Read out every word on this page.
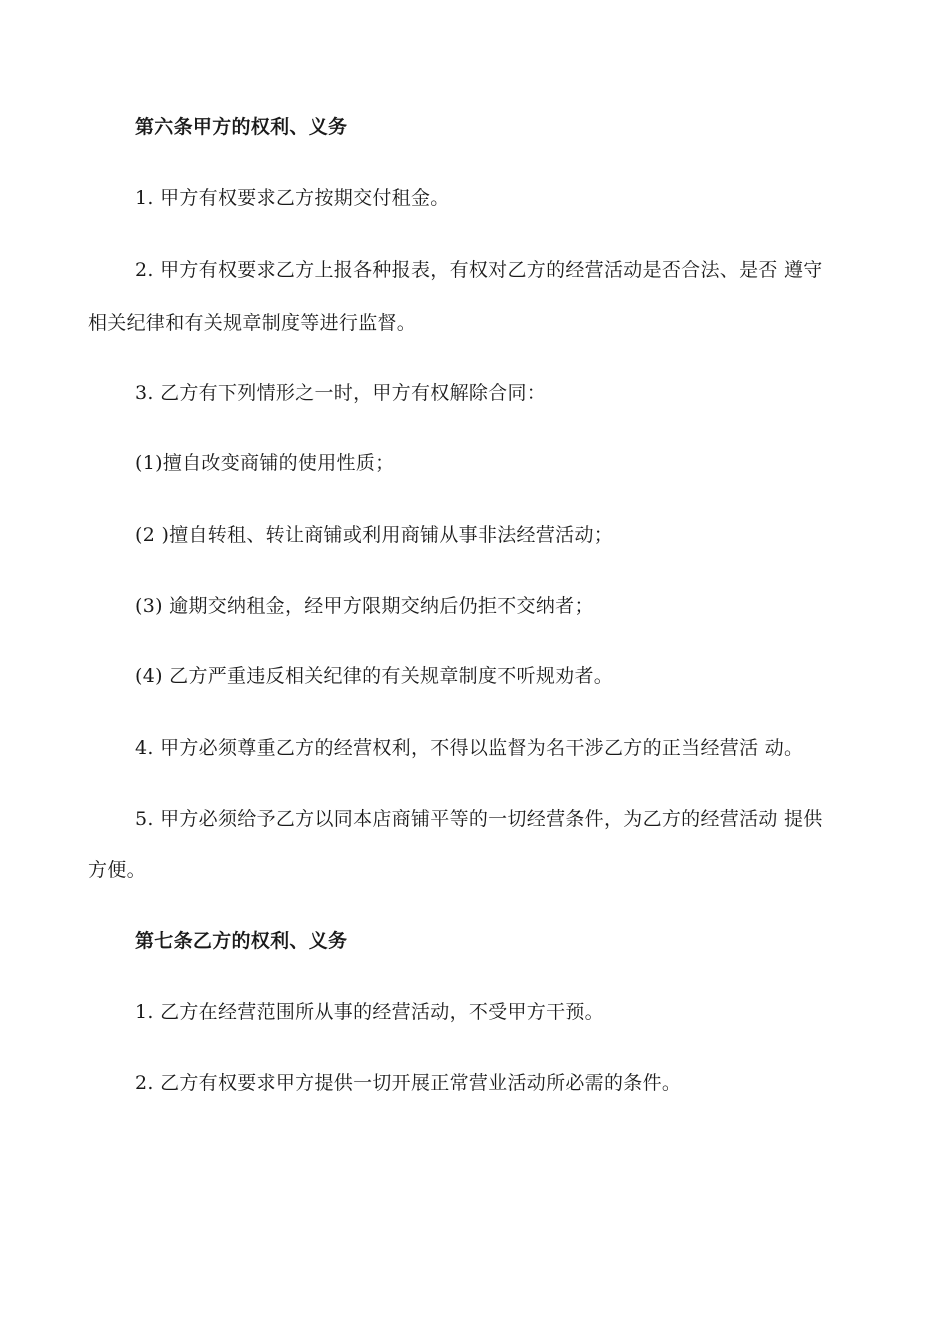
第六条甲方的权利、义务
1. 甲方有权要求乙方按期交付租金。
2. 甲方有权要求乙方上报各种报表，有权对乙方的经营活动是否合法、是否 遵守
相关纪律和有关规章制度等进行监督。
3. 乙方有下列情形之一时，甲方有权解除合同：
(1)擅自改变商铺的使用性质；
(2 )擅自转租、转让商铺或利用商铺从事非法经营活动；
(3) 逾期交纳租金，经甲方限期交纳后仍拒不交纳者；
(4) 乙方严重违反相关纪律的有关规章制度不听规劝者。
4. 甲方必须尊重乙方的经营权利，不得以监督为名干涉乙方的正当经营活 动。
5. 甲方必须给予乙方以同本店商铺平等的一切经营条件，为乙方的经营活动 提供
方便。
第七条乙方的权利、义务
1. 乙方在经营范围所从事的经营活动，不受甲方干预。
2. 乙方有权要求甲方提供一切开展正常营业活动所必需的条件。
